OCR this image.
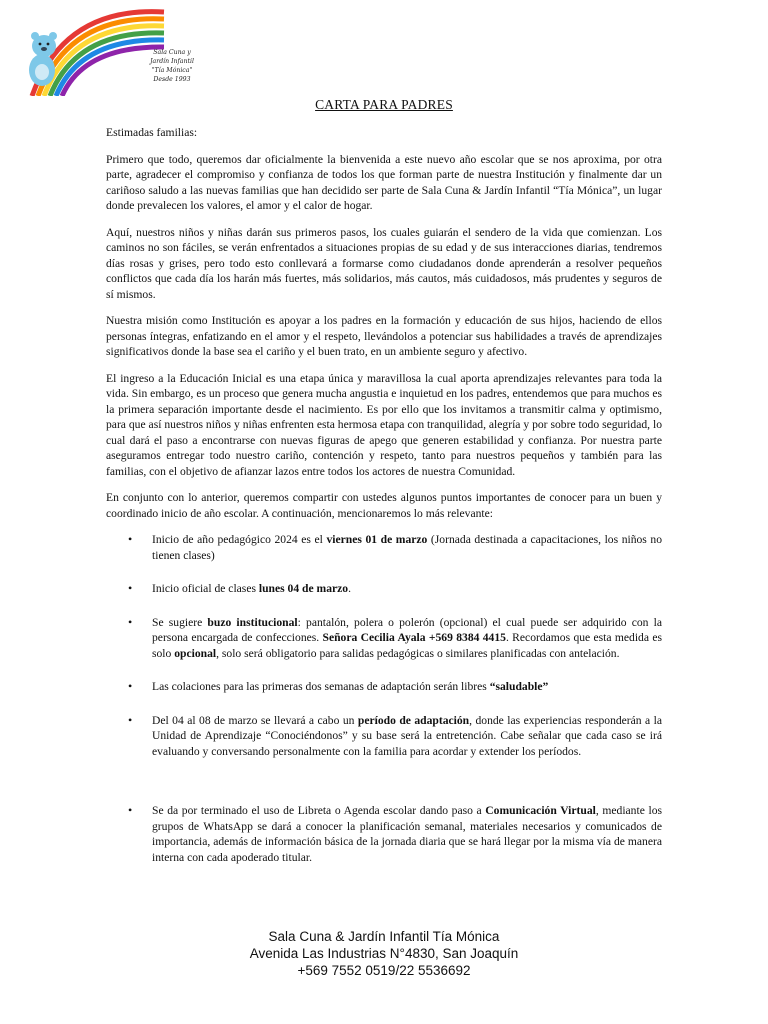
Sala Cuna y
Jardín Infantil
"Tía Mónica"
Desde 1993
CARTA PARA PADRES

Estimadas familias:

Primero que todo, queremos dar oficialmente la bienvenida a este nuevo año escolar que se nos aproxima, por otra parte, agradecer el compromiso y confianza de todos los que forman parte de nuestra Institución y finalmente dar un cariñoso saludo a las nuevas familias que han decidido ser parte de Sala Cuna & Jardín Infantil “Tía Mónica”, un lugar donde prevalecen los valores, el amor y el calor de hogar.

Aquí, nuestros niños y niñas darán sus primeros pasos, los cuales guiarán el sendero de la vida que comienzan. Los caminos no son fáciles, se verán enfrentados a situaciones propias de su edad y de sus interacciones diarias, tendremos días rosas y grises, pero todo esto conllevará a formarse como ciudadanos donde aprenderán a resolver pequeños conflictos que cada día los harán más fuertes, más solidarios, más cautos, más cuidadosos, más prudentes y seguros de sí mismos.

Nuestra misión como Institución es apoyar a los padres en la formación y educación de sus hijos, haciendo de ellos personas íntegras, enfatizando en el amor y el respeto, llevándolos a potenciar sus habilidades a través de aprendizajes significativos donde la base sea el cariño y el buen trato, en un ambiente seguro y afectivo.

El ingreso a la Educación Inicial es una etapa única y maravillosa la cual aporta aprendizajes relevantes para toda la vida. Sin embargo, es un proceso que genera mucha angustia e inquietud en los padres, entendemos que para muchos es la primera separación importante desde el nacimiento. Es por ello que los invitamos a transmitir calma y optimismo, para que así nuestros niños y niñas enfrenten esta hermosa etapa con tranquilidad, alegría y por sobre todo seguridad, lo cual dará el paso a encontrarse con nuevas figuras de apego que generen estabilidad y confianza. Por nuestra parte aseguramos entregar todo nuestro cariño, contención y respeto, tanto para nuestros pequeños y también para las familias, con el objetivo de afianzar lazos entre todos los actores de nuestra Comunidad.

En conjunto con lo anterior, queremos compartir con ustedes algunos puntos importantes de conocer para un buen y coordinado inicio de año escolar. A continuación, mencionaremos lo más relevante:

• Inicio de año pedagógico 2024 es el viernes 01 de marzo (Jornada destinada a capacitaciones, los niños no tienen clases)
• Inicio oficial de clases lunes 04 de marzo.
• Se sugiere buzo institucional: pantalón, polera o polerón (opcional) el cual puede ser adquirido con la persona encargada de confecciones. Señora Cecilia Ayala +569 8384 4415. Recordamos que esta medida es solo opcional, solo será obligatorio para salidas pedagógicas o similares planificadas con antelación.
• Las colaciones para las primeras dos semanas de adaptación serán libres “saludable”
• Del 04 al 08 de marzo se llevará a cabo un período de adaptación, donde las experiencias responderán a la Unidad de Aprendizaje “Conociéndonos” y su base será la entretención. Cabe señalar que cada caso se irá evaluando y conversando personalmente con la familia para acordar y extender los períodos.
• Se da por terminado el uso de Libreta o Agenda escolar dando paso a Comunicación Virtual, mediante los grupos de WhatsApp se dará a conocer la planificación semanal, materiales necesarios y comunicados de importancia, además de información básica de la jornada diaria que se hará llegar por la misma vía de manera interna con cada apoderado titular.
Sala Cuna & Jardín Infantil Tía Mónica
Avenida Las Industrias N°4830, San Joaquín
+569 7552 0519/22 5536692
